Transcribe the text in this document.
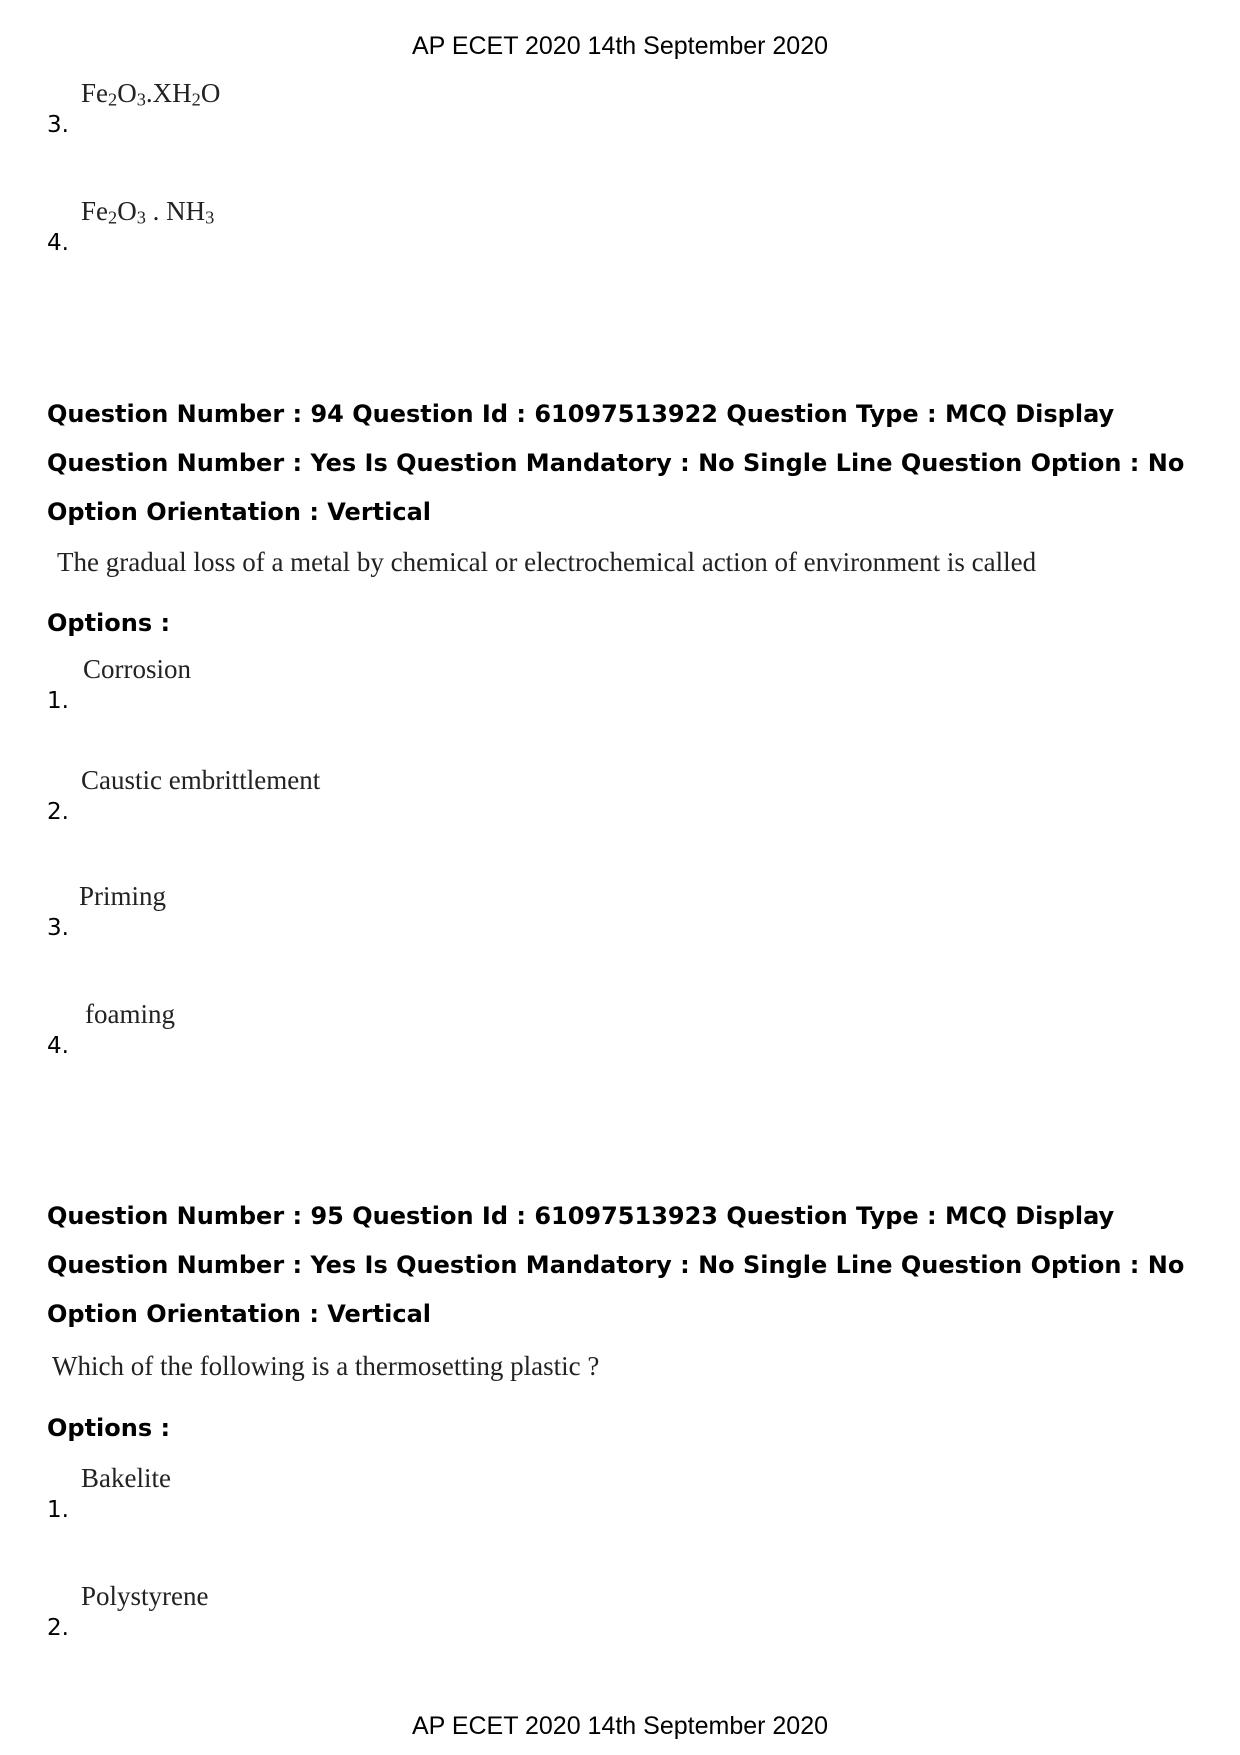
AP ECET 2020 14th September 2020
3.
$Fe_2O_3.XH_2O$
4.
$Fe_2O_3$ . $NH_3$

Question Number : 94 Question Id : 61097513922 Question Type : MCQ Display Question Number : Yes Is Question Mandatory : No Single Line Question Option : No Option Orientation : Vertical

The gradual loss of a metal by chemical or electrochemical action of environment is called
Options :
1.
Corrosion
2.
Caustic embrittlement
3.
Priming
4.
foaming

Question Number : 95 Question Id : 61097513923 Question Type : MCQ Display Question Number : Yes Is Question Mandatory : No Single Line Question Option : No Option Orientation : Vertical

Which of the following is a thermosetting plastic ?
Options :
1.
Bakelite
2.
Polystyrene
AP ECET 2020 14th September 2020
